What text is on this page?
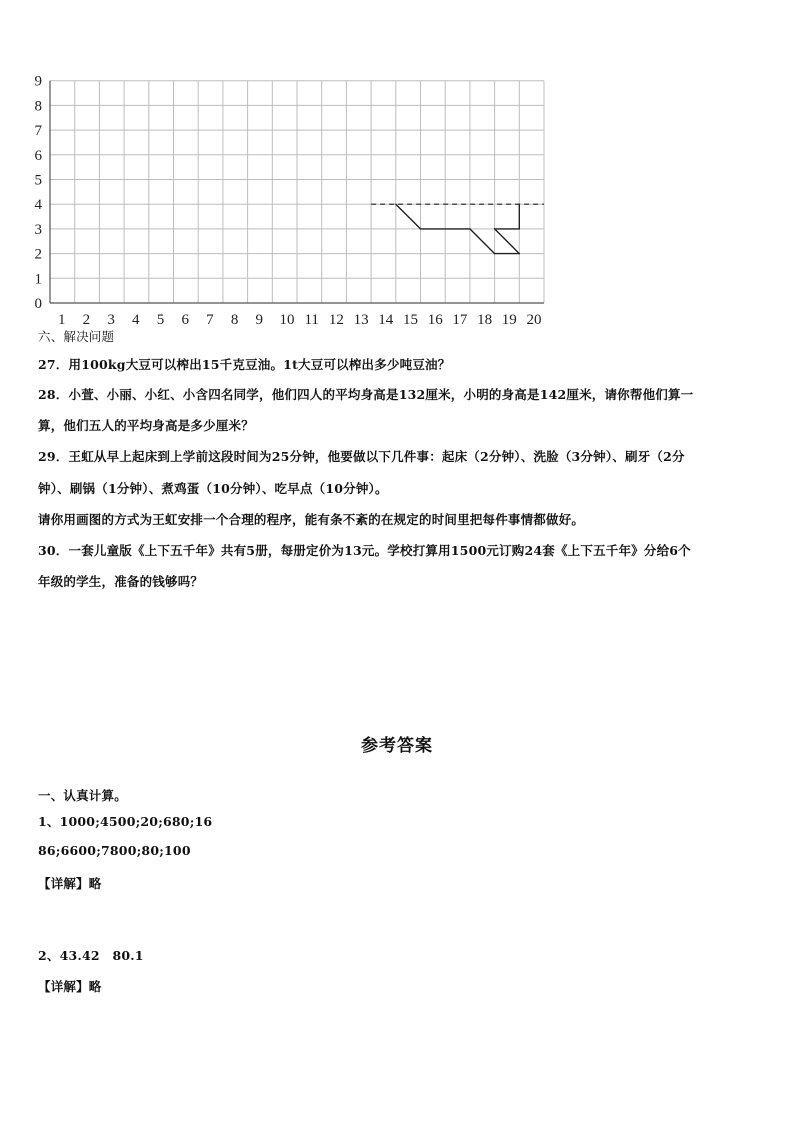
0
1
2
3
4
5
6
7
8
9
1 2 3 4 5 6 7 8 9 10 11 12 13 14 15 16 17 18 19 20
六、解决问题
27．用100kg大豆可以榨出15千克豆油。1t大豆可以榨出多少吨豆油？
28．小萱、小丽、小红、小含四名同学，他们四人的平均身高是132厘米，小明的身高是142厘米，请你帮他们算一
算，他们五人的平均身高是多少厘米？
29．王虹从早上起床到上学前这段时间为25分钟，他要做以下几件事：起床（2分钟）、洗脸（3分钟）、刷牙（2分
钟）、刷锅（1分钟）、煮鸡蛋（10分钟）、吃早点（10分钟）。
请你用画图的方式为王虹安排一个合理的程序，能有条不紊的在规定的时间里把每件事情都做好。
30．一套儿童版《上下五千年》共有5册，每册定价为13元。学校打算用1500元订购24套《上下五千年》分给6个
年级的学生，准备的钱够吗？
参考答案
一、认真计算。
1、1000;4500;20;680;16
86;6600;7800;80;100
【详解】略
2、43.42　80.1
【详解】略
